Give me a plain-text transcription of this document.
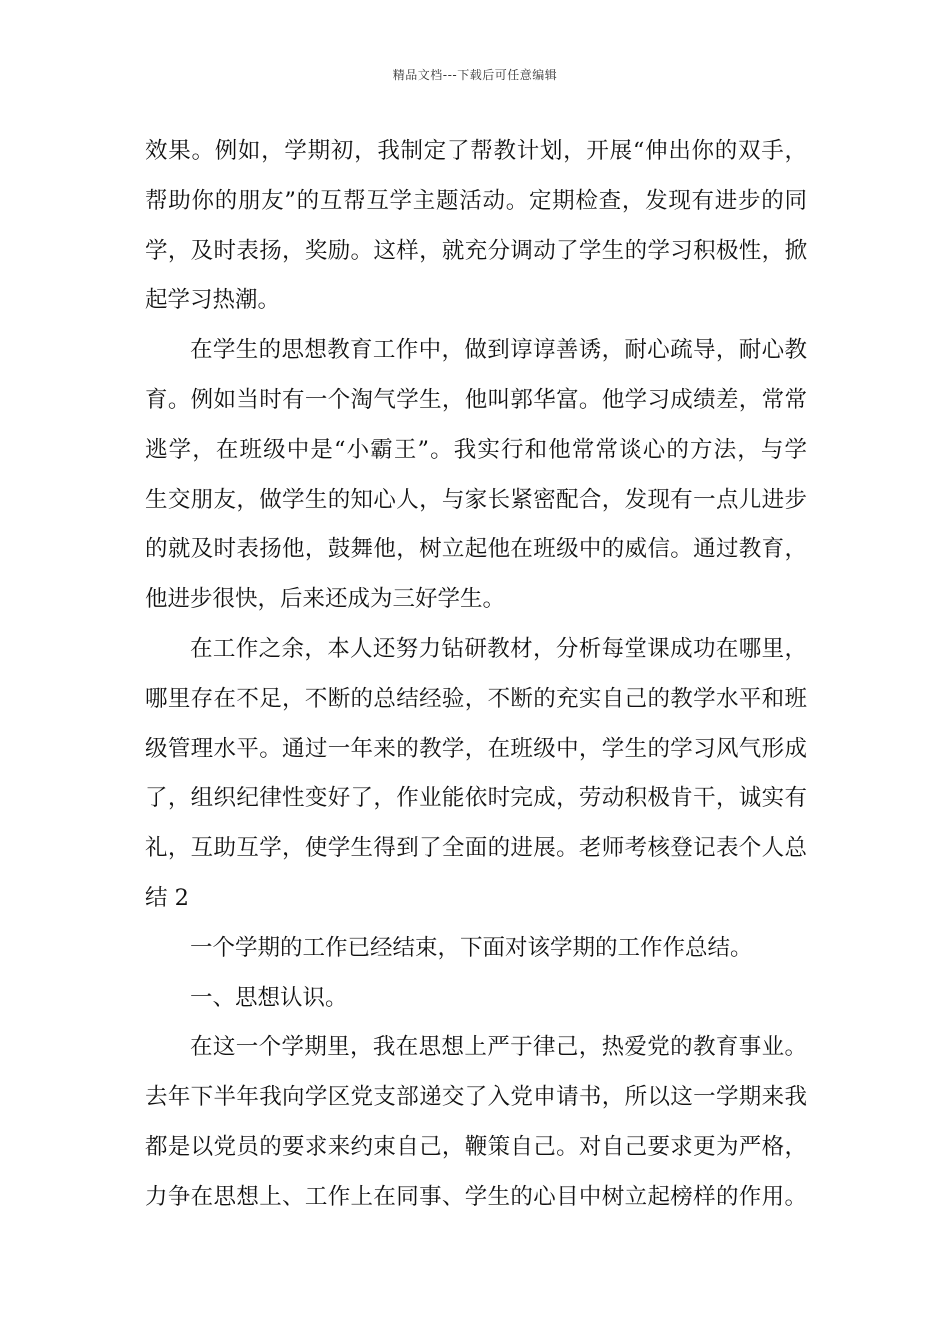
精品文档---下载后可任意编辑
效果。例如，学期初，我制定了帮教计划，开展“伸出你的双手，
帮助你的朋友”的互帮互学主题活动。定期检查，发现有进步的同
学，及时表扬，奖励。这样，就充分调动了学生的学习积极性，掀
起学习热潮。
在学生的思想教育工作中，做到谆谆善诱，耐心疏导，耐心教
育。例如当时有一个淘气学生，他叫郭华富。他学习成绩差，常常
逃学，在班级中是“小霸王”。我实行和他常常谈心的方法，与学
生交朋友，做学生的知心人，与家长紧密配合，发现有一点儿进步
的就及时表扬他，鼓舞他，树立起他在班级中的威信。通过教育，
他进步很快，后来还成为三好学生。
在工作之余，本人还努力钻研教材，分析每堂课成功在哪里，
哪里存在不足，不断的总结经验，不断的充实自己的教学水平和班
级管理水平。通过一年来的教学，在班级中，学生的学习风气形成
了，组织纪律性变好了，作业能依时完成，劳动积极肯干，诚实有
礼，互助互学，使学生得到了全面的进展。老师考核登记表个人总
结 2
一个学期的工作已经结束，下面对该学期的工作作总结。
一、思想认识。
在这一个学期里，我在思想上严于律己，热爱党的教育事业。
去年下半年我向学区党支部递交了入党申请书，所以这一学期来我
都是以党员的要求来约束自己，鞭策自己。对自己要求更为严格，
力争在思想上、工作上在同事、学生的心目中树立起榜样的作用。
